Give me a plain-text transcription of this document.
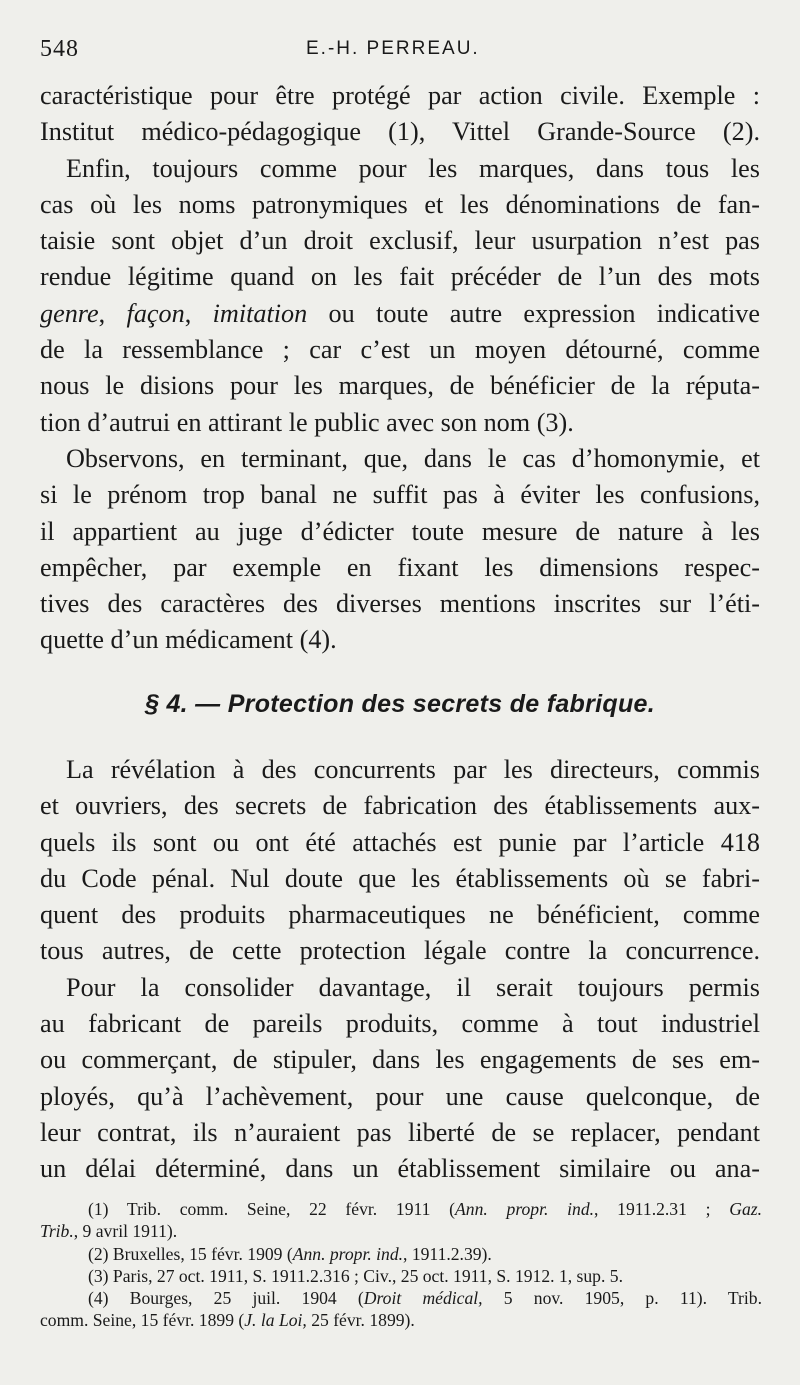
548	E.-H. PERREAU.
caractéristique pour être protégé par action civile. Exemple :
Institut médico-pédagogique (1), Vittel Grande-Source (2).
Enfin, toujours comme pour les marques, dans tous les
cas où les noms patronymiques et les dénominations de fan-
taisie sont objet d’un droit exclusif, leur usurpation n’est pas
rendue légitime quand on les fait précéder de l’un des mots
genre, façon, imitation ou toute autre expression indicative
de la ressemblance ; car c’est un moyen détourné, comme
nous le disions pour les marques, de bénéficier de la réputa-
tion d’autrui en attirant le public avec son nom (3).
Observons, en terminant, que, dans le cas d’homonymie, et
si le prénom trop banal ne suffit pas à éviter les confusions,
il appartient au juge d’édicter toute mesure de nature à les
empêcher, par exemple en fixant les dimensions respec-
tives des caractères des diverses mentions inscrites sur l’éti-
quette d’un médicament (4).
§ 4. — Protection des secrets de fabrique.
La révélation à des concurrents par les directeurs, commis
et ouvriers, des secrets de fabrication des établissements aux-
quels ils sont ou ont été attachés est punie par l’article 418
du Code pénal. Nul doute que les établissements où se fabri-
quent des produits pharmaceutiques ne bénéficient, comme
tous autres, de cette protection légale contre la concurrence.
Pour la consolider davantage, il serait toujours permis
au fabricant de pareils produits, comme à tout industriel
ou commerçant, de stipuler, dans les engagements de ses em-
ployés, qu’à l’achèvement, pour une cause quelconque, de
leur contrat, ils n’auraient pas liberté de se replacer, pendant
un délai déterminé, dans un établissement similaire ou ana-
(1) Trib. comm. Seine, 22 févr. 1911 (Ann. propr. ind., 1911.2.31 ; Gaz.
Trib., 9 avril 1911).
(2) Bruxelles, 15 févr. 1909 (Ann. propr. ind., 1911.2.39).
(3) Paris, 27 oct. 1911, S. 1911.2.316 ; Civ., 25 oct. 1911, S. 1912. 1, sup. 5.
(4) Bourges, 25 juil. 1904 (Droit médical, 5 nov. 1905, p. 11). Trib.
comm. Seine, 15 févr. 1899 (J. la Loi, 25 févr. 1899).
